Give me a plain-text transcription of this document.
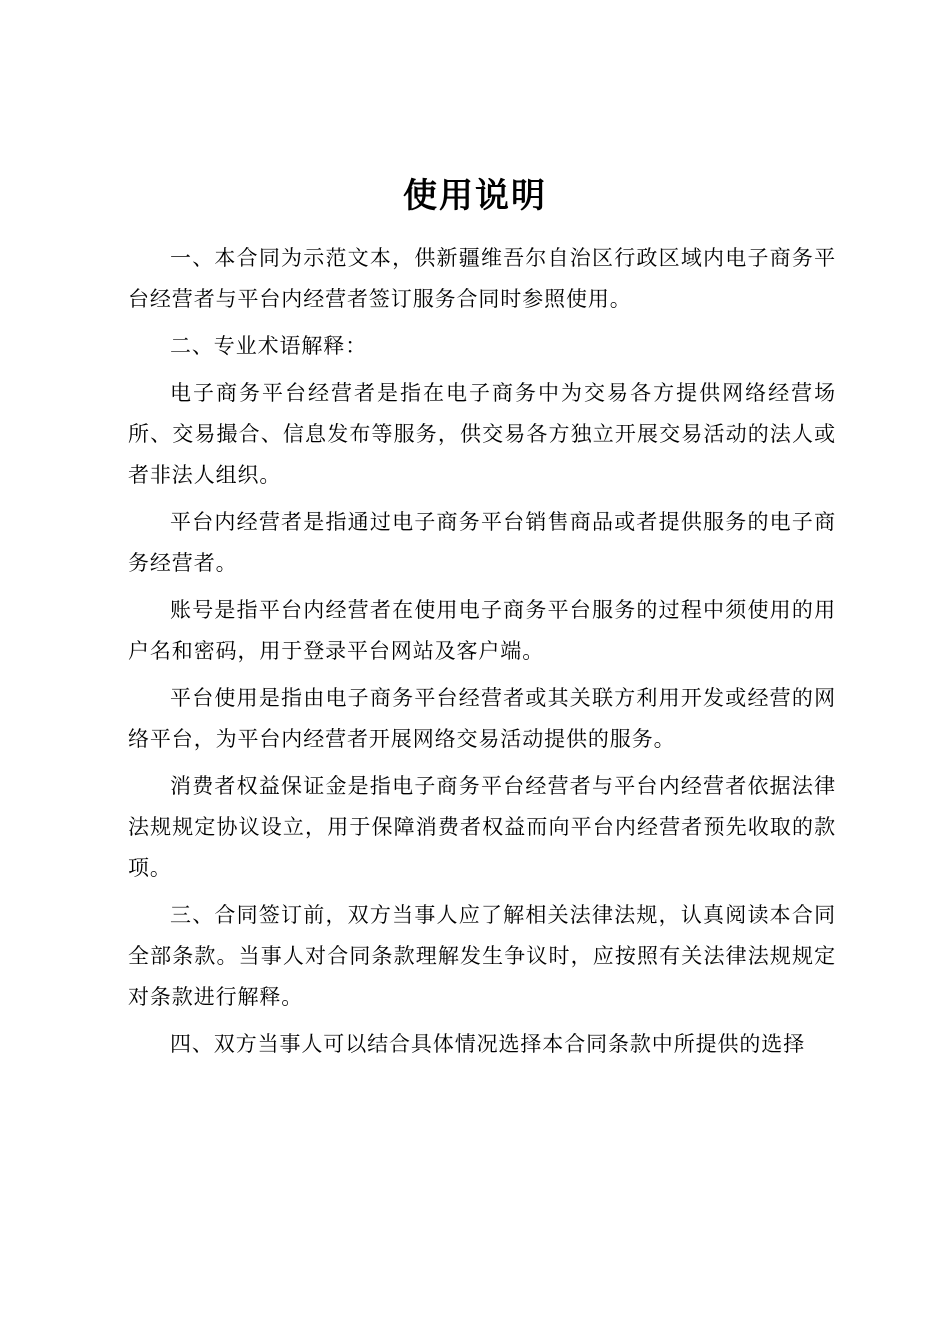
使用说明

一、本合同为示范文本，供新疆维吾尔自治区行政区域内电子商务平台经营者与平台内经营者签订服务合同时参照使用。

二、专业术语解释：

电子商务平台经营者是指在电子商务中为交易各方提供网络经营场所、交易撮合、信息发布等服务，供交易各方独立开展交易活动的法人或者非法人组织。

平台内经营者是指通过电子商务平台销售商品或者提供服务的电子商务经营者。

账号是指平台内经营者在使用电子商务平台服务的过程中须使用的用户名和密码，用于登录平台网站及客户端。

平台使用是指由电子商务平台经营者或其关联方利用开发或经营的网络平台，为平台内经营者开展网络交易活动提供的服务。

消费者权益保证金是指电子商务平台经营者与平台内经营者依据法律法规规定协议设立，用于保障消费者权益而向平台内经营者预先收取的款项。

三、合同签订前，双方当事人应了解相关法律法规，认真阅读本合同全部条款。当事人对合同条款理解发生争议时，应按照有关法律法规规定对条款进行解释。

四、双方当事人可以结合具体情况选择本合同条款中所提供的选择
